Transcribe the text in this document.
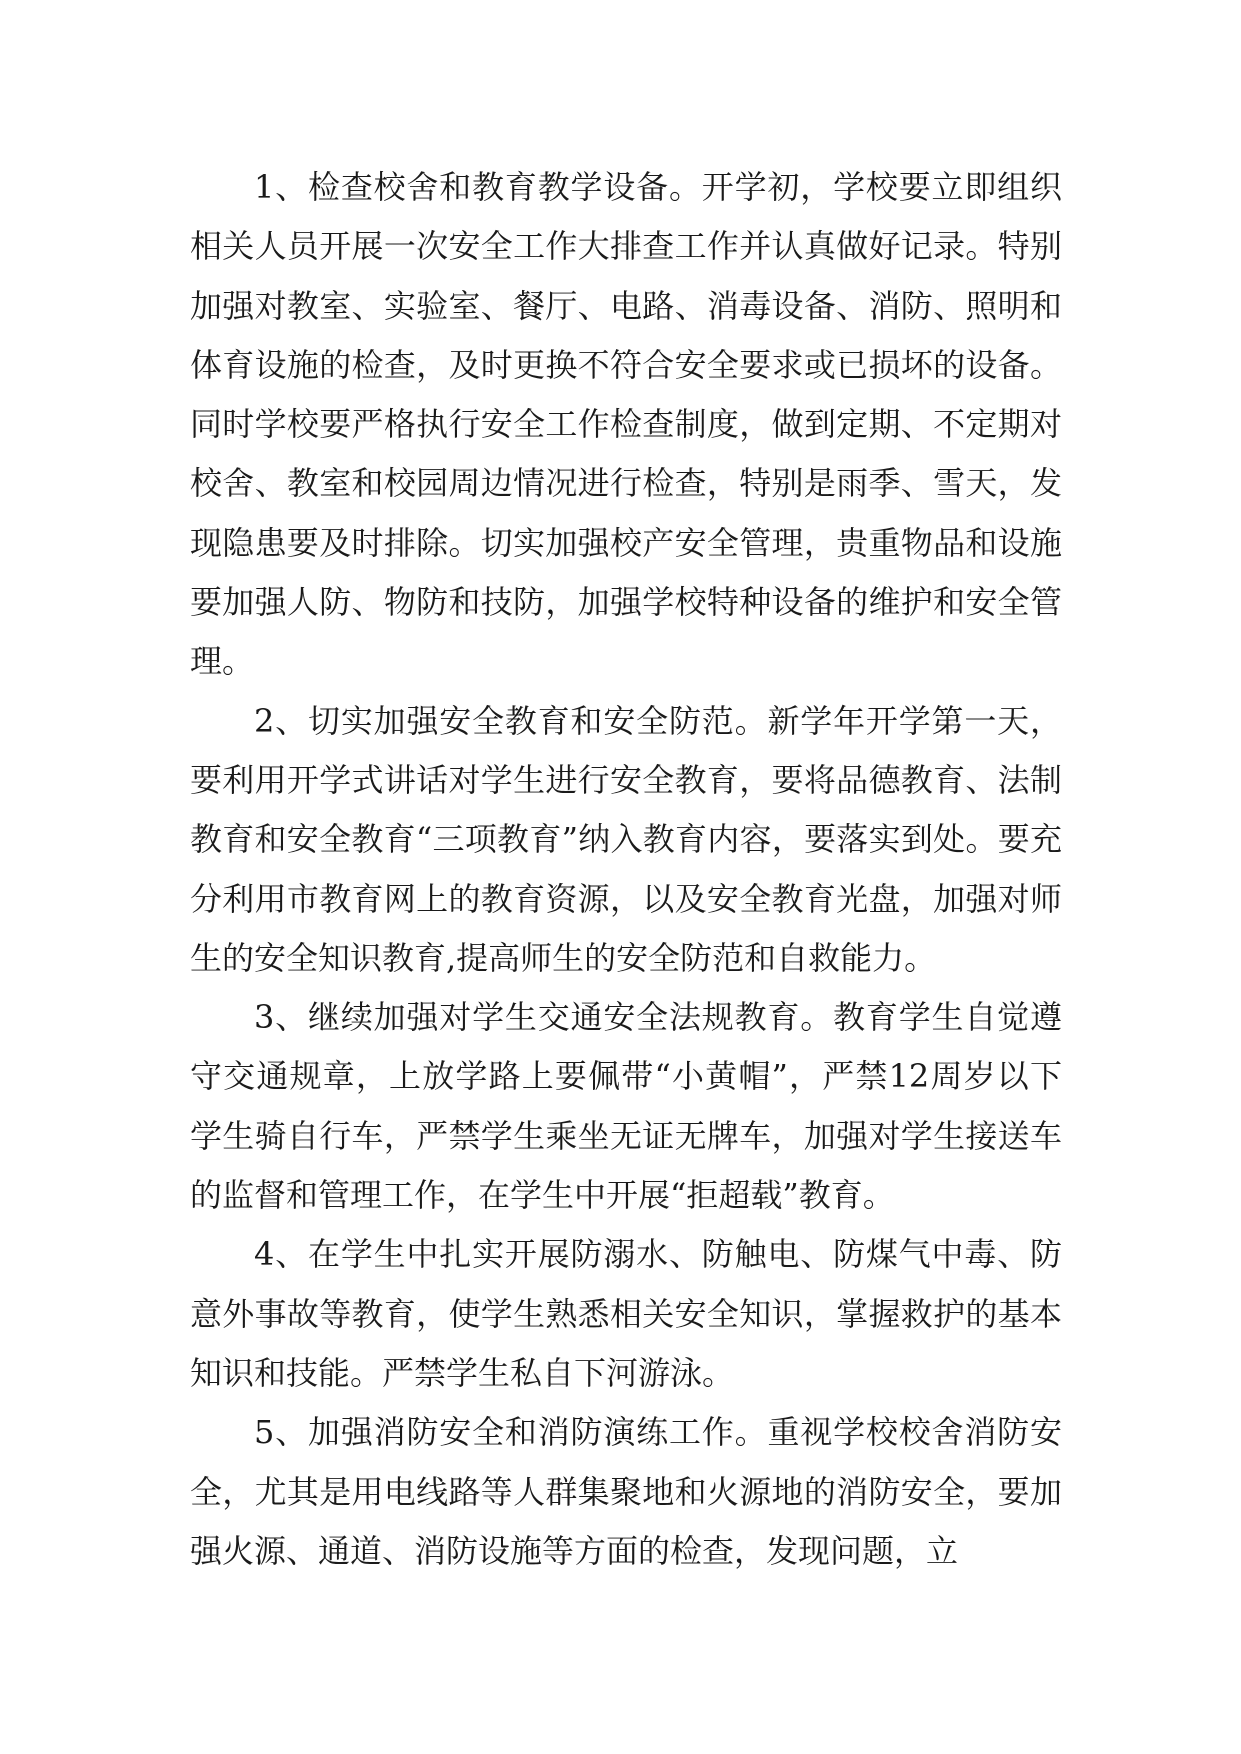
1、检查校舍和教育教学设备。开学初，学校要立即组织相关人员开展一次安全工作大排查工作并认真做好记录。特别加强对教室、实验室、餐厅、电路、消毒设备、消防、照明和体育设施的检查，及时更换不符合安全要求或已损坏的设备。同时学校要严格执行安全工作检查制度，做到定期、不定期对校舍、教室和校园周边情况进行检查，特别是雨季、雪天，发现隐患要及时排除。切实加强校产安全管理，贵重物品和设施要加强人防、物防和技防，加强学校特种设备的维护和安全管理。

2、切实加强安全教育和安全防范。新学年开学第一天，要利用开学式讲话对学生进行安全教育，要将品德教育、法制教育和安全教育“三项教育”纳入教育内容，要落实到处。要充分利用市教育网上的教育资源，以及安全教育光盘，加强对师生的安全知识教育,提高师生的安全防范和自救能力。

3、继续加强对学生交通安全法规教育。教育学生自觉遵守交通规章，上放学路上要佩带“小黄帽”，严禁12周岁以下学生骑自行车，严禁学生乘坐无证无牌车，加强对学生接送车的监督和管理工作，在学生中开展“拒超载”教育。

4、在学生中扎实开展防溺水、防触电、防煤气中毒、防意外事故等教育，使学生熟悉相关安全知识，掌握救护的基本知识和技能。严禁学生私自下河游泳。

5、加强消防安全和消防演练工作。重视学校校舍消防安全，尤其是用电线路等人群集聚地和火源地的消防安全，要加强火源、通道、消防设施等方面的检查，发现问题，立
